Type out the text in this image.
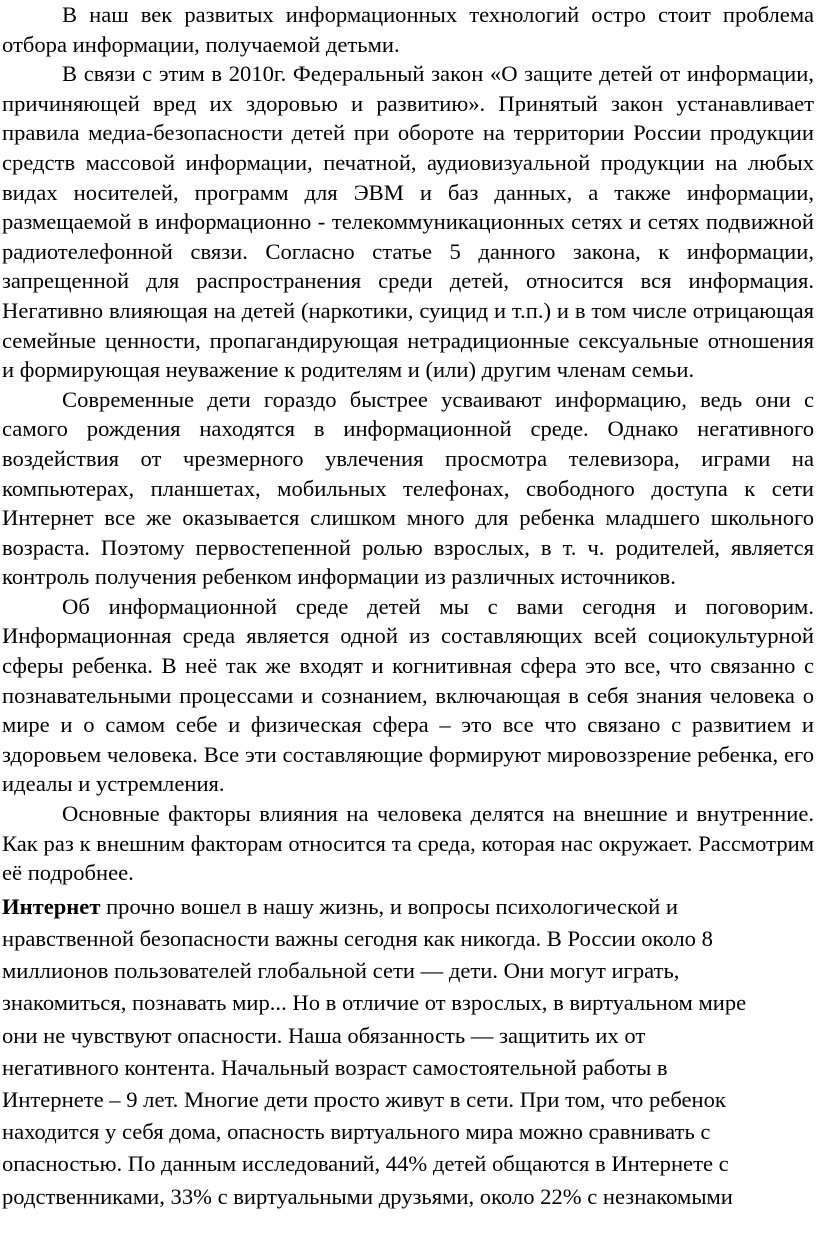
В наш век развитых информационных технологий остро стоит проблема отбора информации, получаемой детьми.

В связи с этим в 2010г. Федеральный закон «О защите детей от информации, причиняющей вред их здоровью и развитию». Принятый закон устанавливает правила медиа-безопасности детей при обороте на территории России продукции средств массовой информации, печатной, аудиовизуальной продукции на любых видах носителей, программ для ЭВМ и баз данных, а также информации, размещаемой в информационно - телекоммуникационных сетях и сетях подвижной радиотелефонной связи. Согласно статье 5 данного закона, к информации, запрещенной для распространения среди детей, относится вся информация. Негативно влияющая на детей (наркотики, суицид и т.п.) и в том числе отрицающая семейные ценности, пропагандирующая нетрадиционные сексуальные отношения и формирующая неуважение к родителям и (или) другим членам семьи.

Современные дети гораздо быстрее усваивают информацию, ведь они с самого рождения находятся в информационной среде. Однако негативного воздействия от чрезмерного увлечения просмотра телевизора, играми на компьютерах, планшетах, мобильных телефонах, свободного доступа к сети Интернет все же оказывается слишком много для ребенка младшего школьного возраста. Поэтому первостепенной ролью взрослых, в т. ч. родителей, является контроль получения ребенком информации из различных источников.

Об информационной среде детей мы с вами сегодня и поговорим. Информационная среда является одной из составляющих всей социокультурной сферы ребенка. В неё так же входят и когнитивная сфера это все, что связанно с познавательными процессами и сознанием, включающая в себя знания человека о мире и о самом себе и физическая сфера – это все что связано с развитием и здоровьем человека. Все эти составляющие формируют мировоззрение ребенка, его идеалы и устремления.

Основные факторы влияния на человека делятся на внешние и внутренние. Как раз к внешним факторам относится та среда, которая нас окружает. Рассмотрим её подробнее.

Интернет прочно вошел в нашу жизнь, и вопросы психологической и
нравственной безопасности важны сегодня как никогда. В России около 8
миллионов пользователей глобальной сети — дети. Они могут играть,
знакомиться, познавать мир... Но в отличие от взрослых, в виртуальном мире
они не чувствуют опасности. Наша обязанность — защитить их от
негативного контента. Начальный возраст самостоятельной работы в
Интернете – 9 лет. Многие дети просто живут в сети. При том, что ребенок
находится у себя дома, опасность виртуального мира можно сравнивать с
опасностью. По данным исследований, 44% детей общаются в Интернете с
родственниками, 33% с виртуальными друзьями, около 22% с незнакомыми
